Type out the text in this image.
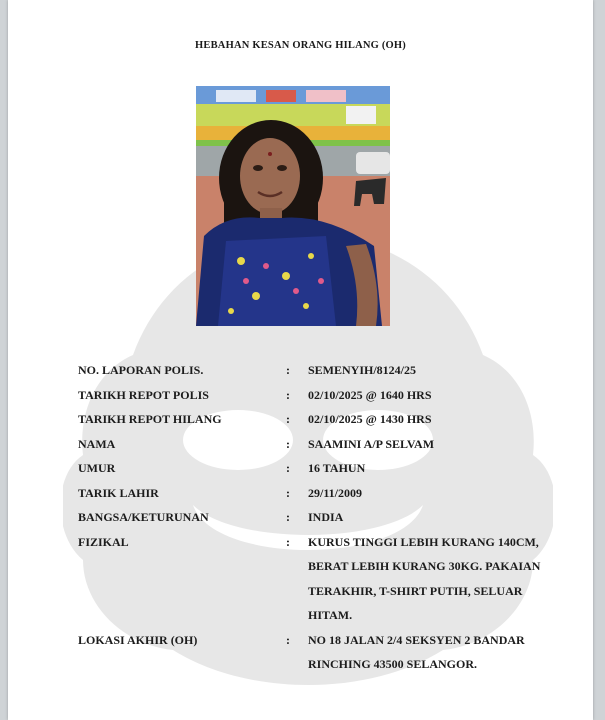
HEBAHAN KESAN ORANG HILANG (OH)
NO. LAPORAN POLIS.	:	SEMENYIH/8124/25
TARIKH REPOT POLIS	:	02/10/2025 @ 1640 HRS
TARIKH REPOT HILANG	:	02/10/2025 @ 1430 HRS
NAMA	:	SAAMINI A/P SELVAM
UMUR	:	16 TAHUN
TARIK LAHIR	:	29/11/2009
BANGSA/KETURUNAN	:	INDIA
FIZIKAL	:	KURUS TINGGI LEBIH KURANG 140CM, BERAT LEBIH KURANG 30KG. PAKAIAN TERAKHIR, T-SHIRT PUTIH, SELUAR HITAM.
LOKASI AKHIR (OH)	:	NO 18 JALAN 2/4 SEKSYEN 2 BANDAR RINCHING 43500 SELANGOR.
